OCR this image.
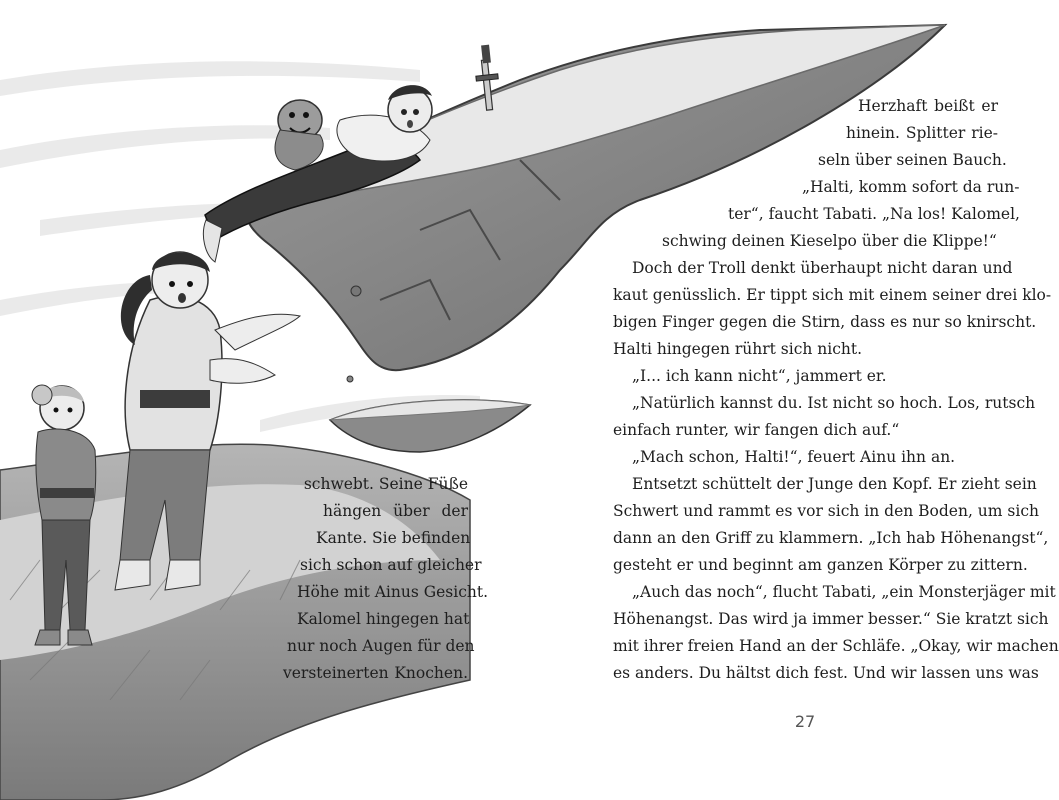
schwebt. Seine Füße
hängen über der
Kante. Sie befinden
sich schon auf gleicher
Höhe mit Ainus Gesicht.
Kalomel hingegen hat
nur noch Augen für den
versteinerten Knochen.
Herzhaft beißt er
hinein. Splitter rie-
seln über seinen Bauch.
„Halti, komm sofort da run-
ter“, faucht Tabati. „Na los! Kalomel,
schwing deinen Kieselpo über die Klippe!“
Doch der Troll denkt überhaupt nicht daran und
kaut genüsslich. Er tippt sich mit einem seiner drei klo-
bigen Finger gegen die Stirn, dass es nur so knirscht.
Halti hingegen rührt sich nicht.
„I... ich kann nicht“, jammert er.
„Natürlich kannst du. Ist nicht so hoch. Los, rutsch
einfach runter, wir fangen dich auf.“
„Mach schon, Halti!“, feuert Ainu ihn an.
Entsetzt schüttelt der Junge den Kopf. Er zieht sein
Schwert und rammt es vor sich in den Boden, um sich
dann an den Griff zu klammern. „Ich hab Höhenangst“,
gesteht er und beginnt am ganzen Körper zu zittern.
„Auch das noch“, flucht Tabati, „ein Monsterjäger mit
Höhenangst. Das wird ja immer besser.“ Sie kratzt sich
mit ihrer freien Hand an der Schläfe. „Okay, wir machen
es anders. Du hältst dich fest. Und wir lassen uns was
27
